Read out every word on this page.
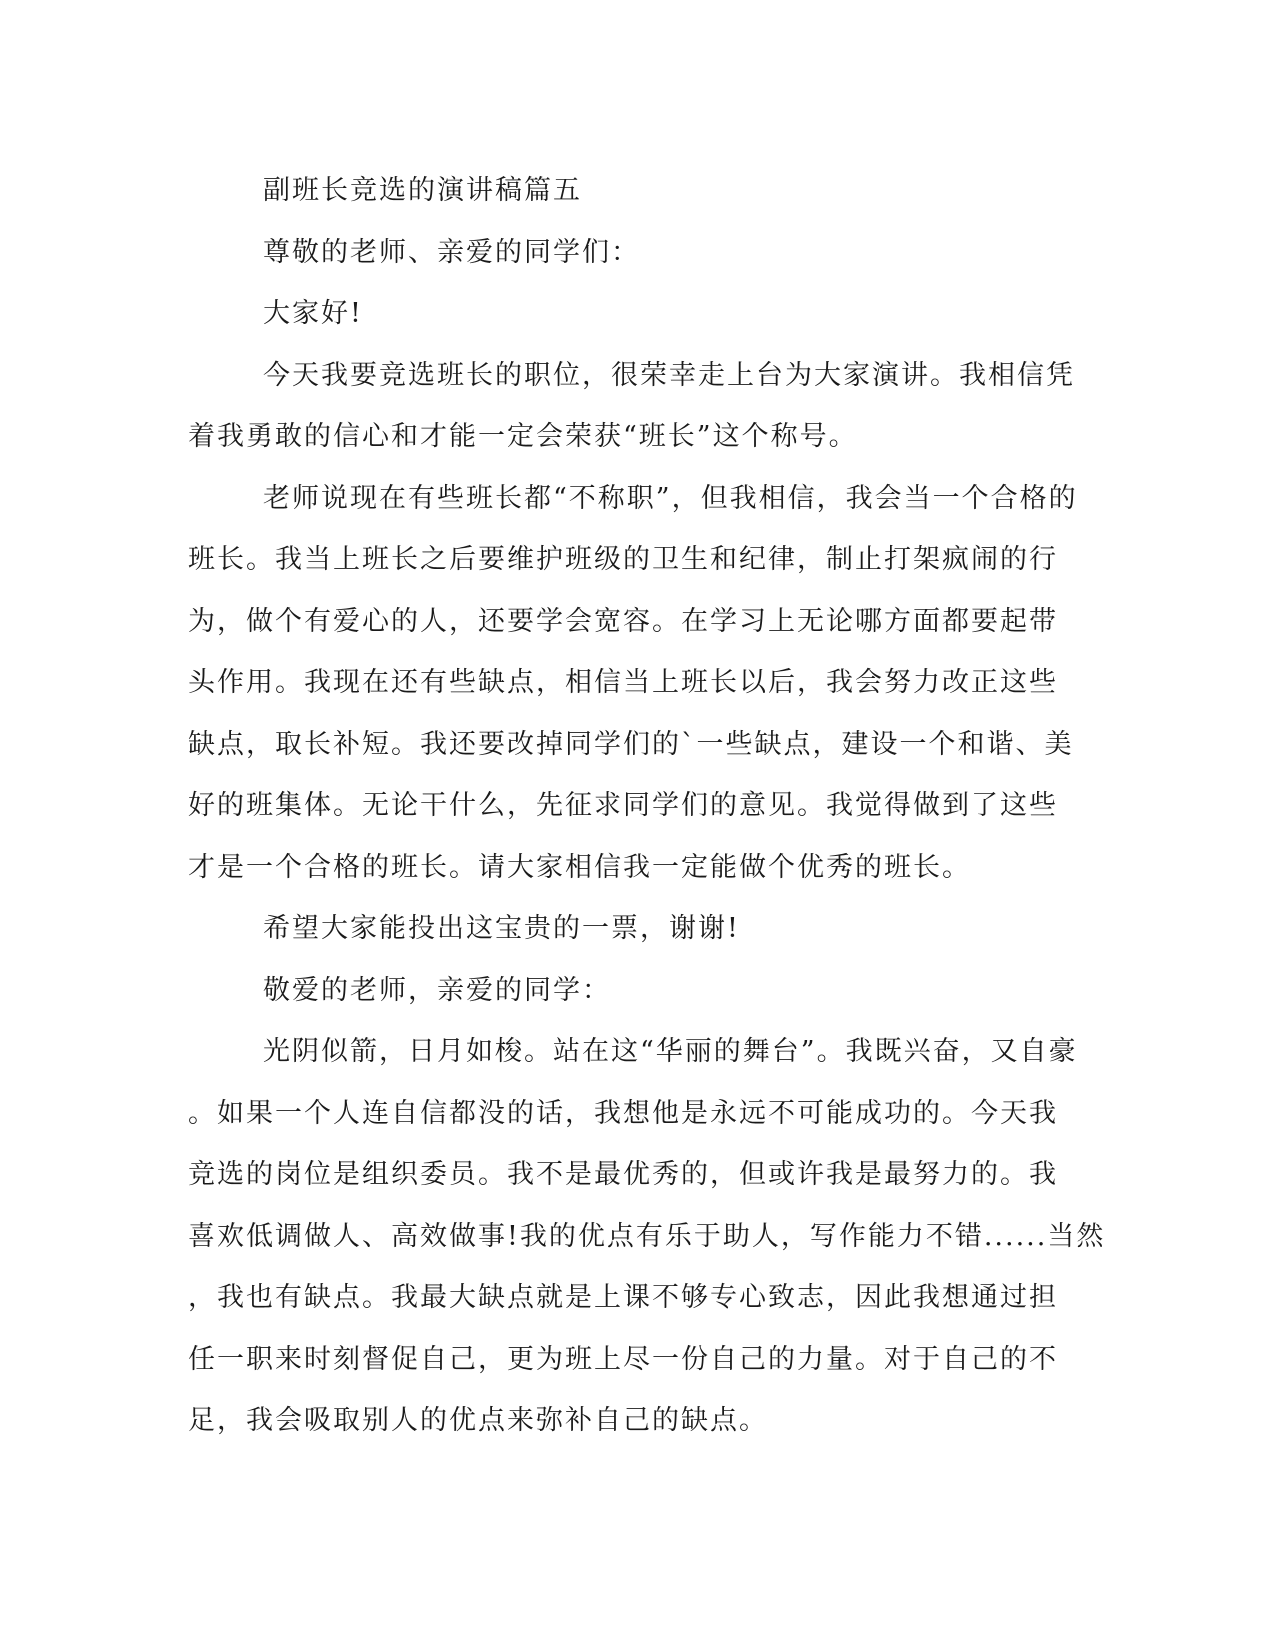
副班长竞选的演讲稿篇五

尊敬的老师、亲爱的同学们：

大家好!

今天我要竞选班长的职位，很荣幸走上台为大家演讲。我相信凭
着我勇敢的信心和才能一定会荣获“班长”这个称号。

老师说现在有些班长都“不称职”，但我相信，我会当一个合格的
班长。我当上班长之后要维护班级的卫生和纪律，制止打架疯闹的行
为，做个有爱心的人，还要学会宽容。在学习上无论哪方面都要起带
头作用。我现在还有些缺点，相信当上班长以后，我会努力改正这些
缺点，取长补短。我还要改掉同学们的`一些缺点，建设一个和谐、美
好的班集体。无论干什么，先征求同学们的意见。我觉得做到了这些
才是一个合格的班长。请大家相信我一定能做个优秀的班长。

希望大家能投出这宝贵的一票，谢谢!

敬爱的老师，亲爱的同学：

光阴似箭，日月如梭。站在这“华丽的舞台”。我既兴奋，又自豪
。如果一个人连自信都没的话，我想他是永远不可能成功的。今天我
竞选的岗位是组织委员。我不是最优秀的，但或许我是最努力的。我
喜欢低调做人、高效做事!我的优点有乐于助人，写作能力不错......当然
，我也有缺点。我最大缺点就是上课不够专心致志，因此我想通过担
任一职来时刻督促自己，更为班上尽一份自己的力量。对于自己的不
足，我会吸取别人的优点来弥补自己的缺点。
